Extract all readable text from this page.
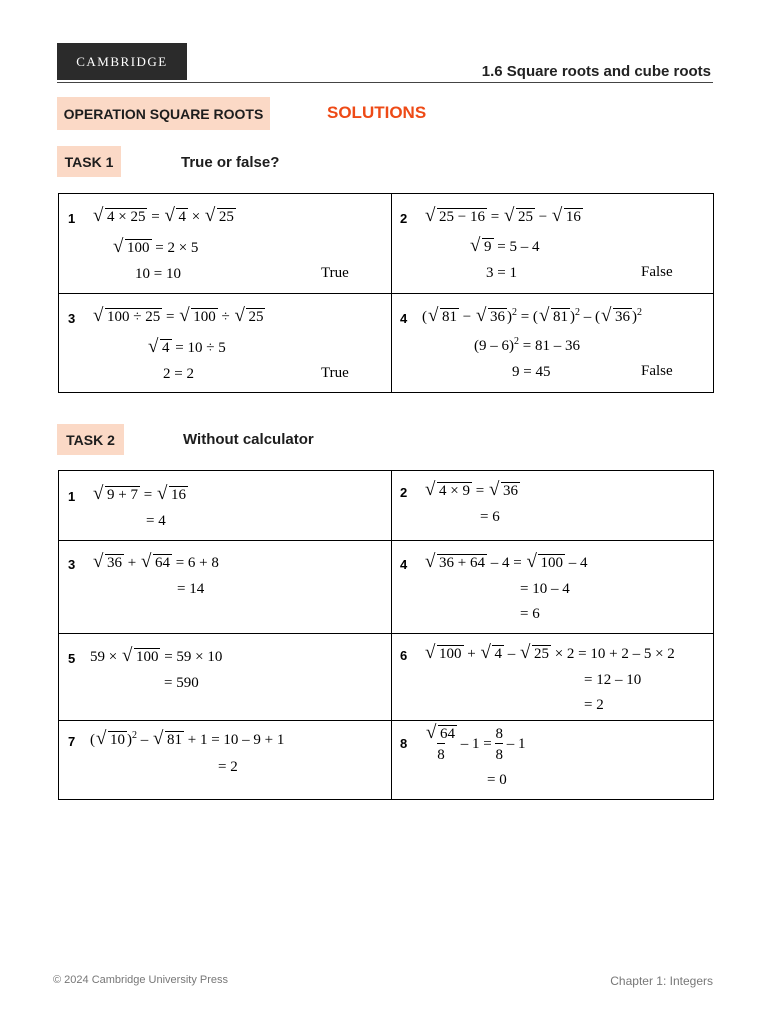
CAMBRIDGE
1.6 Square roots and cube roots
OPERATION SQUARE ROOTS	SOLUTIONS
TASK 1	True or false?
1	√ 4 × 25 = √ 4 × √ 25
√ 100 = 2 × 5
10 = 10	True
2	√ 25 − 16 = √ 25 − √ 16
√ 9 = 5 – 4
3 = 1	False
3	√ 100 ÷ 25 = √ 100 ÷ √ 25
√ 4 = 10 ÷ 5
2 = 2	True
4 ( √ 81 − √ 36 )$^2$ = ( √ 81 )$^2$ – ( √ 36 )$^2$
(9 – 6)$^2$ = 81 – 36
9 = 45	False
TASK 2	Without calculator
1	√ 9 + 7 = √ 16
= 4
2	√ 4 × 9 = √ 36
= 6
3	√ 36 + √ 64 = 6 + 8
= 14
4	√ 36 + 64 – 4 = √ 100 – 4
= 10 – 4
= 6
5 59 × √ 100 = 59 × 10
= 590
6	√ 100 + √ 4 – √ 25 × 2 = 10 + 2 – 5 × 2
= 12 – 10
= 2
7 ( √ 10 )$^2$ – √ 81 + 1 = 10 – 9 + 1
= 2
8 √ $\frac{64}{8} - 1 = \frac{8}{8} - 1$
= 0
© 2024 Cambridge University Press	Chapter 1: Integers
